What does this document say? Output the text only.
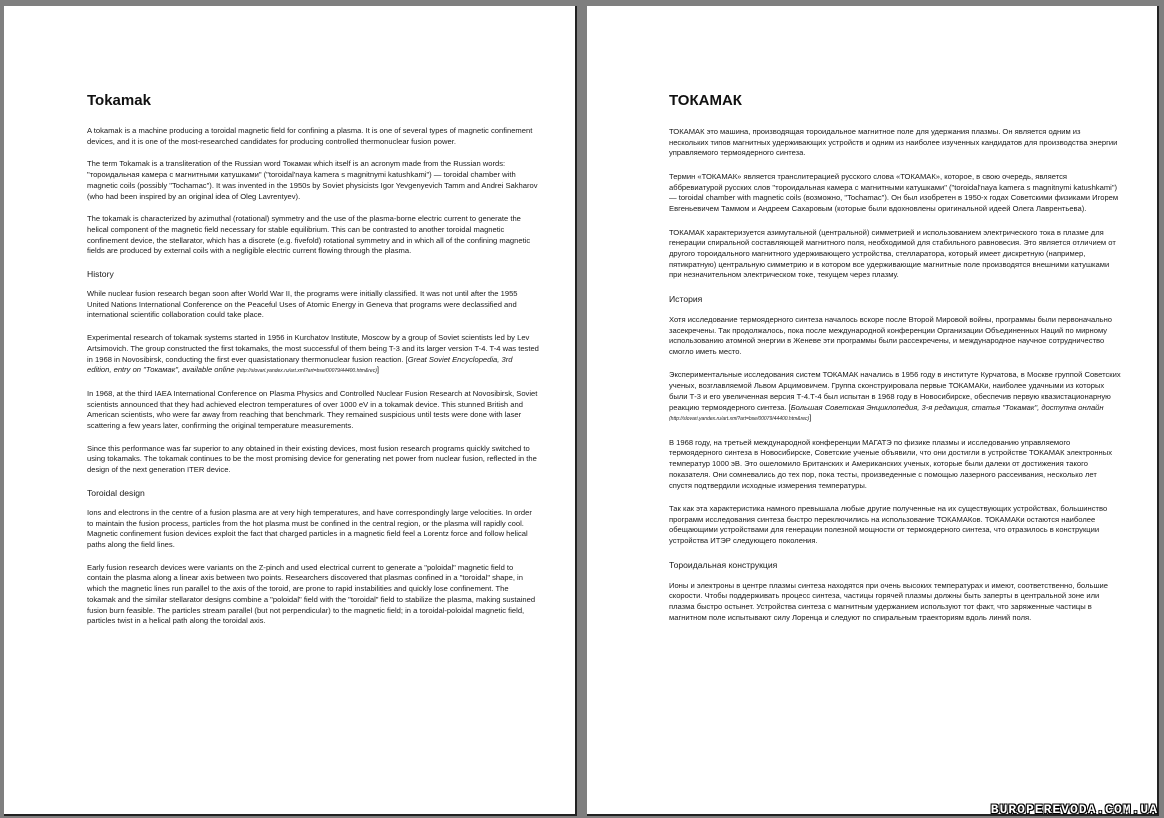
Tokamak

A tokamak is a machine producing a toroidal magnetic field for confining a plasma. It is one of several types of magnetic confinement devices, and it is one of the most-researched candidates for producing controlled thermonuclear fusion power.

The term Tokamak is a transliteration of the Russian word Токамак which itself is an acronym made from the Russian words: "тороидальная камера с магнитными катушками" ("toroidal'naya kamera s magnitnymi katushkami") — toroidal chamber with magnetic coils (possibly "Tochamac"). It was invented in the 1950s by Soviet physicists Igor Yevgenyevich Tamm and Andrei Sakharov (who had been inspired by an original idea of Oleg Lavrentyev).

The tokamak is characterized by azimuthal (rotational) symmetry and the use of the plasma-borne electric current to generate the helical component of the magnetic field necessary for stable equilibrium. This can be contrasted to another toroidal magnetic confinement device, the stellarator, which has a discrete (e.g. fivefold) rotational symmetry and in which all of the confining magnetic fields are produced by external coils with a negligible electric current flowing through the plasma.

History

While nuclear fusion research began soon after World War II, the programs were initially classified. It was not until after the 1955 United Nations International Conference on the Peaceful Uses of Atomic Energy in Geneva that programs were declassified and international scientific collaboration could take place.

Experimental research of tokamak systems started in 1956 in Kurchatov Institute, Moscow by a group of Soviet scientists led by Lev Artsimovich. The group constructed the first tokamaks, the most successful of them being T-3 and its larger version T-4. T-4 was tested in 1968 in Novosibirsk, conducting the first ever quasistationary thermonuclear fusion reaction. [Great Soviet Encyclopedia, 3rd edition, entry on "Токамак", available online (http://slovari.yandex.ru/art.xml?art=bse/00079/44400.htm&rec)]

In 1968, at the third IAEA International Conference on Plasma Physics and Controlled Nuclear Fusion Research at Novosibirsk, Soviet scientists announced that they had achieved electron temperatures of over 1000 eV in a tokamak device. This stunned British and American scientists, who were far away from reaching that benchmark. They remained suspicious until tests were done with laser scattering a few years later, confirming the original temperature measurements.

Since this performance was far superior to any obtained in their existing devices, most fusion research programs quickly switched to using tokamaks. The tokamak continues to be the most promising device for generating net power from nuclear fusion, reflected in the design of the next generation ITER device.

Toroidal design

Ions and electrons in the centre of a fusion plasma are at very high temperatures, and have correspondingly large velocities. In order to maintain the fusion process, particles from the hot plasma must be confined in the central region, or the plasma will rapidly cool. Magnetic confinement fusion devices exploit the fact that charged particles in a magnetic field feel a Lorentz force and follow helical paths along the field lines.

Early fusion research devices were variants on the Z-pinch and used electrical current to generate a "poloidal" magnetic field to contain the plasma along a linear axis between two points. Researchers discovered that plasmas confined in a "toroidal" shape, in which the magnetic lines run parallel to the axis of the toroid, are prone to rapid instabilities and quickly lose confinement. The tokamak and the similar stellarator designs combine a "poloidal" field with the "toroidal" field to stabilize the plasma, making sustained fusion burn feasible. The particles stream parallel (but not perpendicular) to the magnetic field; in a toroidal-poloidal magnetic field, particles twist in a helical path along the toroidal axis.

ТОКАМАК

ТОКАМАК это машина, производящая тороидальное магнитное поле для удержания плазмы. Он является одним из нескольких типов магнитных удерживающих устройств и одним из наиболее изученных кандидатов для производства энергии управляемого термоядерного синтеза.

Термин «ТОКАМАК» является транслитерацией русского слова «ТОКАМАК», которое, в свою очередь, является аббревиатурой русских слов "тороидальная камера с магнитными катушками" ("toroidal'naya kamera s magnitnymi katushkami") — toroidal chamber with magnetic coils (возможно, "Tochamac"). Он был изобретен в 1950-х годах Советскими физиками Игорем Евгеньевичем Таммом и Андреем Сахаровым (которые были вдохновлены оригинальной идеей Олега Лаврентьева).

ТОКАМАК характеризуется азимутальной (центральной) симметрией и использованием электрического тока в плазме для генерации спиральной составляющей магнитного поля, необходимой для стабильного равновесия. Это является отличием от другого тороидального магнитного удерживающего устройства, стелларатора, который имеет дискретную (например, пятикратную) центральную симметрию и в котором все удерживающие магнитные поле производятся внешними катушками при незначительном электрическом токе, текущем через плазму.

История

Хотя исследование термоядерного синтеза началось вскоре после Второй Мировой войны, программы были первоначально засекречены. Так продолжалось, пока после международной конференции Организации Объединенных Наций по мирному использованию атомной энергии в Женеве эти программы были рассекречены, и международное научное сотрудничество смогло иметь место.

Экспериментальные исследования систем ТОКАМАК начались в 1956 году в институте Курчатова, в Москве группой Советских ученых, возглавляемой Львом Арцимовичем. Группа сконструировала первые ТОКАМАКи, наиболее удачными из которых были Т-3 и его увеличенная версия Т-4.Т-4 был испытан в 1968 году в Новосибирске, обеспечив первую квазистационарную реакцию термоядерного синтеза. [Большая Советская Энциклопедия, 3-я редакция, статья "Токамак", доступна онлайн (http://slovari.yandex.ru/art.xml?art=bse/00079/44400.htm&rec)]

В 1968 году, на третьей международной конференции МАГАТЭ по физике плазмы и исследованию управляемого термоядерного синтеза в Новосибирске, Советские ученые объявили, что они достигли в устройстве ТОКАМАК электронных температур 1000 эВ. Это ошеломило Британских и Американских ученых, которые были далеки от достижения такого показателя. Они сомневались до тех пор, пока тесты, произведенные с помощью лазерного рассеивания, несколько лет спустя подтвердили исходные измерения температуры.

Так как эта характеристика намного превышала любые другие полученные на их существующих устройствах, большинство программ исследования синтеза быстро переключились на использование ТОКАМАКов. ТОКАМАКи остаются наиболее обещающими устройствами для генерации полезной мощности от термоядерного синтеза, что отразилось в конструкции устройства ИТЭР следующего поколения.

Тороидальная конструкция

Ионы и электроны в центре плазмы синтеза находятся при очень высоких температурах и имеют, соответственно, большие скорости. Чтобы поддерживать процесс синтеза, частицы горячей плазмы должны быть заперты в центральной зоне или плазма быстро остынет. Устройства синтеза с магнитным удержанием используют тот факт, что заряженные частицы в магнитном поле испытывают силу Лоренца и следуют по спиральным траекториям вдоль линий поля.

BUROPEREVODA.COM.UA
